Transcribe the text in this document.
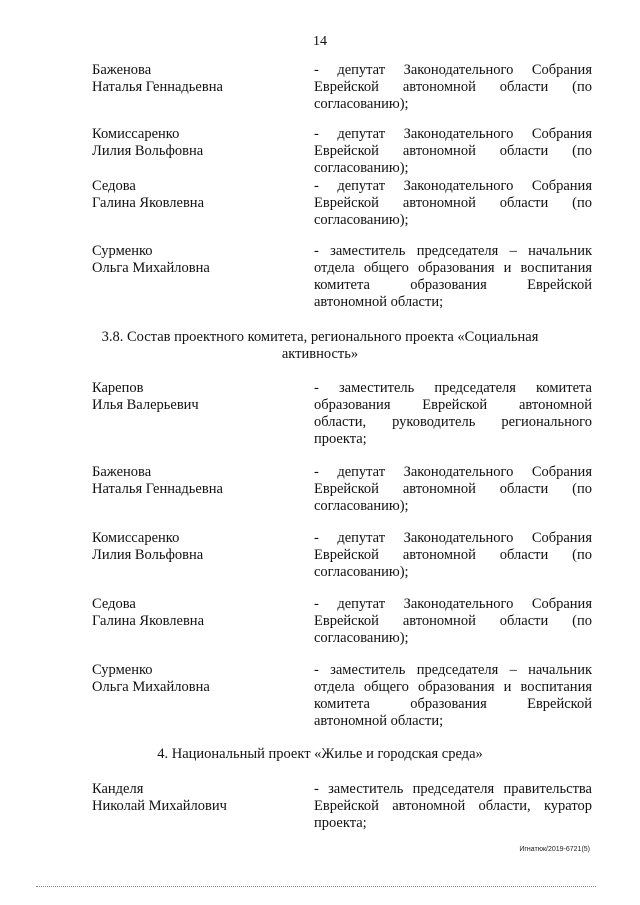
14
Баженова
Наталья Геннадьевна
- депутат Законодательного Собрания
Еврейской автономной области (по
согласованию);
Комиссаренко
Лилия Вольфовна
- депутат Законодательного Собрания
Еврейской автономной области (по
согласованию);
Седова
Галина Яковлевна
- депутат Законодательного Собрания
Еврейской автономной области (по
согласованию);
Сурменко
Ольга Михайловна
- заместитель председателя – начальник
отдела общего образования и воспитания
комитета образования Еврейской
автономной области;
3.8. Состав проектного комитета, регионального проекта «Социальная
активность»
Карепов
Илья Валерьевич
- заместитель председателя комитета
образования Еврейской автономной
области, руководитель регионального
проекта;
Баженова
Наталья Геннадьевна
- депутат Законодательного Собрания
Еврейской автономной области (по
согласованию);
Комиссаренко
Лилия Вольфовна
- депутат Законодательного Собрания
Еврейской автономной области (по
согласованию);
Седова
Галина Яковлевна
- депутат Законодательного Собрания
Еврейской автономной области (по
согласованию);
Сурменко
Ольга Михайловна
- заместитель председателя – начальник
отдела общего образования и воспитания
комитета образования Еврейской
автономной области;
4. Национальный проект «Жилье и городская среда»
Канделя
Николай Михайлович
- заместитель председателя правительства
Еврейской автономной области, куратор
проекта;
Игнатюк/2019-6721(5)
